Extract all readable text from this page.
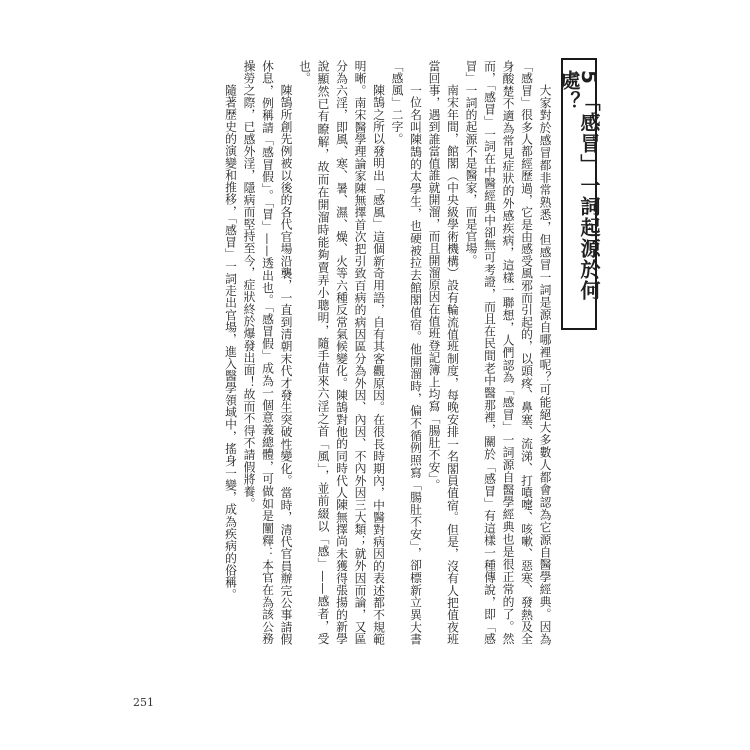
5「感冒」一詞起源於何處？

大家對於感冒都非常熟悉，但感冒一詞是源自哪裡呢？可能絕大多數人都會認為它源自醫學經典。因為「感冒」很多人都經歷過，它是由感受風邪而引起的，以頭疼、鼻塞、流涕、打噴嚏、咳嗽、惡寒、發熱及全身酸楚不適為常見症狀的外感疾病，這樣一聯想，人們認為「感冒」一詞源自醫學經典也是很正常的了。然而，「感冒」一詞在中醫經典中卻無可考證，而且在民間老中醫那裡，關於「感冒」有這樣一種傳說，即「感冒」一詞的起源不是醫家，而是官場。

南宋年間，館閣（中央級學術機構）設有輪流值班制度，每晚安排一名閣員值宿。但是，沒有人把值夜班當回事，遇到誰當值誰就開溜，而且開溜原因在值班登記簿上均寫「腸肚不安」。

一位名叫陳鵠的太學生，也硬被拉去館閣值宿。他開溜時，偏不循例照寫「腸肚不安」，卻標新立異大書「感風」二字。

陳鵠之所以發明出「感風」這個新奇用語，自有其客觀原因。在很長時期內，中醫對病因的表述都不規範明晰。南宋醫學理論家陳無擇首次把引致百病的病因區分為外因、內因、不內外因三大類；就外因而論，又區分為六淫，即風、寒、暑、濕、燥、火等六種反常氣候變化。陳鵠對他的同時代人陳無擇尚未獲得張揚的新學說顯然已有瞭解，故而在開溜時能夠賣弄小聰明，隨手借來六淫之首「風」，並前綴以「感」——感者，受也。

陳鵠所創先例被以後的各代官場沿襲，一直到清朝末代才發生突破性變化。當時，清代官員辦完公事請假休息，例稱請「感冒假」。「冒」——透出也。「感冒假」成為一個意義總體，可做如是闡釋：本官在為該公務操勞之際，已感外淫，隱病而堅持至今，症狀終於爆發出面！故而不得不請假將養。

隨著歷史的演變和推移，「感冒」一詞走出官場，進入醫學領域中，搖身一變，成為疾病的俗稱。

251
